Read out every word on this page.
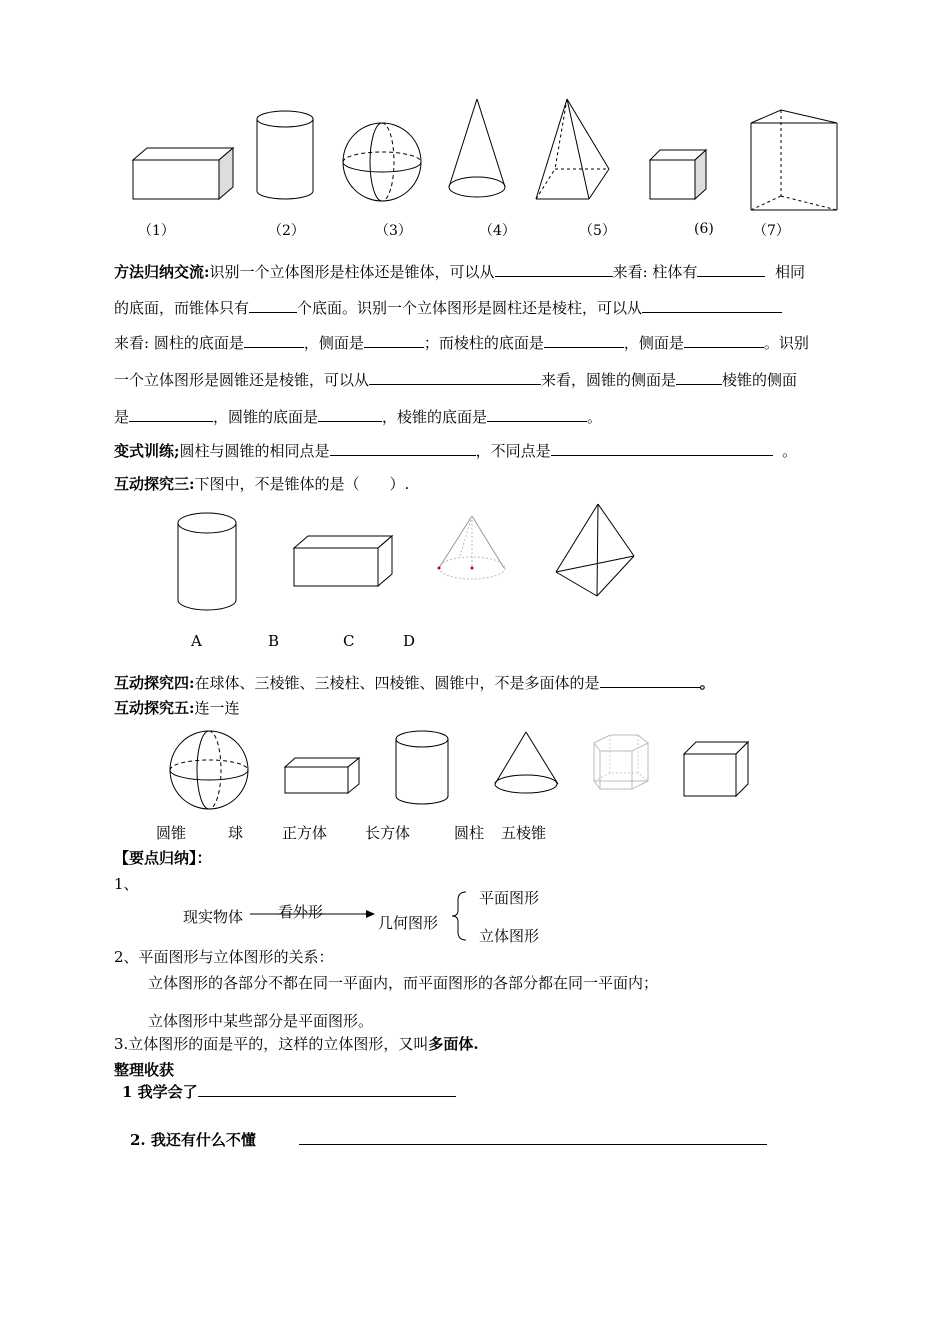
（1）	（2）	（3）	（4）	（5）	(6)	（7）
方法归纳交流:识别一个立体图形是柱体还是锥体，可以从	来看: 柱体有	相同
的底面，而锥体只有	个底面。识别一个立体图形是圆柱还是棱柱，可以从
来看: 圆柱的底面是	，侧面是	；而棱柱的底面是	，侧面是	。识别
一个立体图形是圆锥还是棱锥，可以从	来看，圆锥的侧面是	棱锥的侧面
是	，圆锥的底面是	，棱锥的底面是	。
变式训练;圆柱与圆锥的相同点是	，不同点是	。
互动探究三:下图中，不是锥体的是（　　）.
A	B	C	D
互动探究四:在球体、三棱锥、三棱柱、四棱锥、圆锥中，不是多面体的是	。
互动探究五:连一连
圆锥	球	正方体	长方体	圆柱 五棱锥
【要点归纳】：
1、
现实物体 看外形
几何图形
平面图形
立体图形
2、平面图形与立体图形的关系：
立体图形的各部分不都在同一平面内，而平面图形的各部分都在同一平面内；
立体图形中某些部分是平面图形。
3.立体图形的面是平的，这样的立体图形，又叫多面体.
整理收获
1 我学会了
2. 我还有什么不懂
